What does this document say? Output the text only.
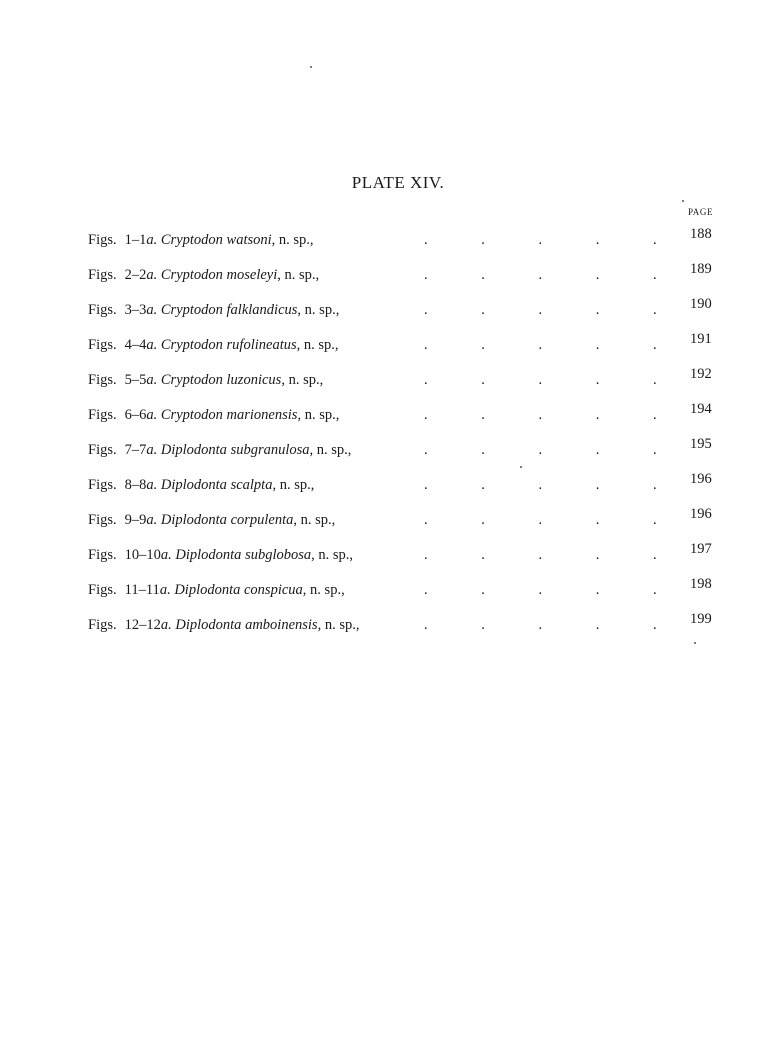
PLATE XIV.
PAGE
Figs. 1–1a. Cryptodon watsoni, n. sp.,	.	.	.	.	. 188
Figs. 2–2a. Cryptodon moseleyi, n. sp.,	.	.	.	.	. 189
Figs. 3–3a. Cryptodon falklandicus, n. sp.,	.	.	.	.	. 190
Figs. 4–4a. Cryptodon rufolineatus, n. sp.,	.	.	.	.	. 191
Figs. 5–5a. Cryptodon luzonicus, n. sp.,	.	.	.	.	. 192
Figs. 6–6a. Cryptodon marionensis, n. sp.,	.	.	.	.	. 194
Figs. 7–7a. Diplodonta subgranulosa, n. sp.,	.	.	.	.	. 195
Figs. 8–8a. Diplodonta scalpta, n. sp.,	.	.	.	.	. 196
Figs. 9–9a. Diplodonta corpulenta, n. sp.,	.	.	.	.	. 196
Figs. 10–10a. Diplodonta subglobosa, n. sp.,	.	.	.	.	. 197
Figs. 11–11a. Diplodonta conspicua, n. sp.,	.	.	.	.	. 198
Figs. 12–12a. Diplodonta amboinensis, n. sp.,	.	.	.	.	. 199
